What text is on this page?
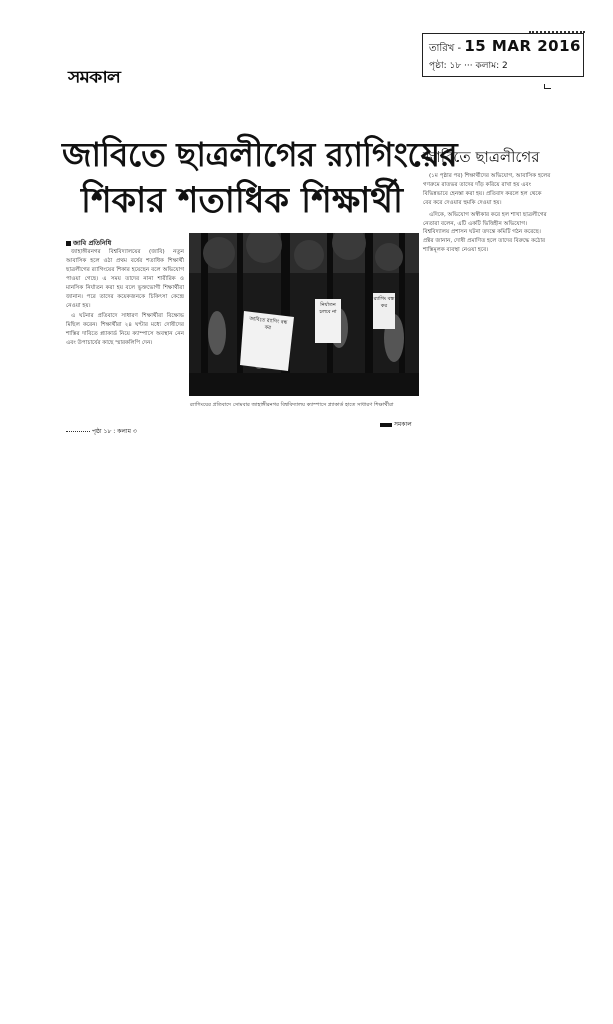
সমকাল
তারিখ - 15 MAR 2016
পৃষ্ঠা: ১৮ ··· কলাম: 2
জাবিতে ছাত্রলীগের র‍্যাগিংয়ের
শিকার শতাধিক শিক্ষার্থী
জাবিতে ছাত্রলীগের

(১ম পৃষ্ঠার পর) শিক্ষার্থীদের অভিযোগ, আবাসিক হলের গণরুমে রাতভর তাদের দাঁড় করিয়ে রাখা হয় এবং বিভিন্নভাবে হেনস্তা করা হয়। প্রতিবাদ করলে হল থেকে বের করে দেওয়ার হুমকি দেওয়া হয়।

এদিকে, অভিযোগ অস্বীকার করে হল শাখা ছাত্রলীগের নেতারা বলেন, এটি একটি ভিত্তিহীন অভিযোগ। বিশ্ববিদ্যালয় প্রশাসন ঘটনা তদন্তে কমিটি গঠন করেছে। প্রক্টর জানান, দোষী প্রমাণিত হলে তাদের বিরুদ্ধে কঠোর শাস্তিমূলক ব্যবস্থা নেওয়া হবে।

জাবি প্রতিনিধি

জাহাঙ্গীরনগর বিশ্ববিদ্যালয়ের (জাবি) নতুন আবাসিক হলে ওঠা প্রথম বর্ষের শতাধিক শিক্ষার্থী ছাত্রলীগের র‍্যাগিংয়ের শিকার হয়েছেন বলে অভিযোগ পাওয়া গেছে। এ সময় তাদের নানা শারীরিক ও মানসিক নির্যাতন করা হয় বলে ভুক্তভোগী শিক্ষার্থীরা জানান। পরে তাদের কয়েকজনকে চিকিৎসা কেন্দ্রে নেওয়া হয়।

এ ঘটনার প্রতিবাদে সাধারণ শিক্ষার্থীরা বিক্ষোভ মিছিল করেন। শিক্ষার্থীরা ২৪ ঘণ্টার মধ্যে দোষীদের শাস্তির দাবিতে প্ল্যাকার্ড নিয়ে ক্যাম্পাসে অবস্থান নেন এবং উপাচার্যের কাছে স্মারকলিপি দেন।

পৃষ্ঠা ১৮ : কলাম ৩
জাবিতে র‍্যাগিং বন্ধ কর
নির্যাতন চলবে না
র‍্যাগিং বন্ধ কর
র‍্যাগিংয়ের প্রতিবাদে সোমবার জাহাঙ্গীরনগর বিশ্ববিদ্যালয় ক্যাম্পাসে প্ল্যাকার্ড হাতে সাধারণ শিক্ষার্থীরা
সমকাল
